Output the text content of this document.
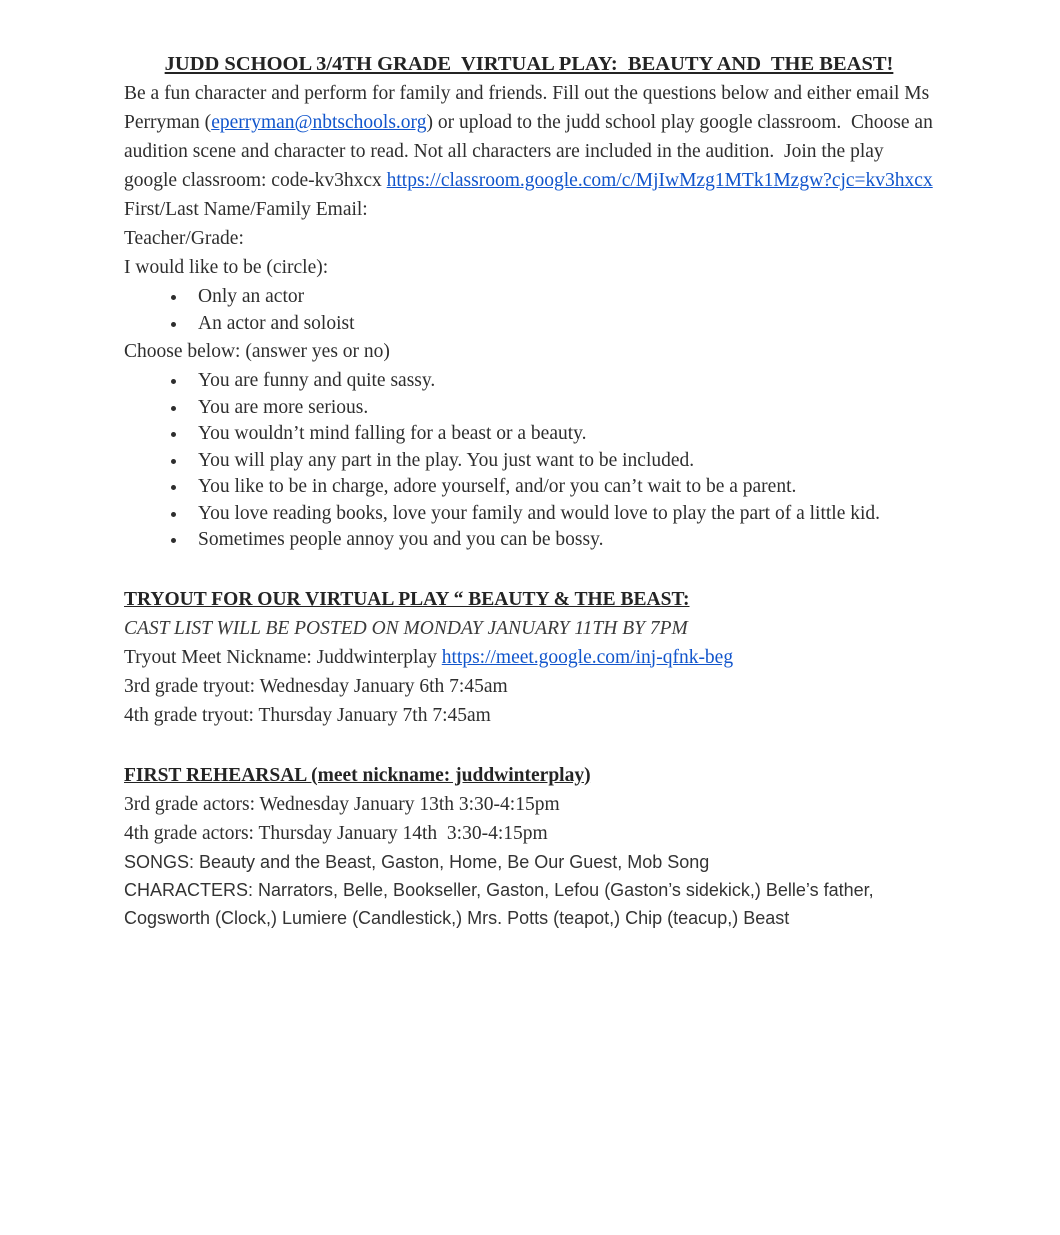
JUDD SCHOOL 3/4TH GRADE  VIRTUAL PLAY:  BEAUTY AND  THE BEAST!

Be a fun character and perform for family and friends. Fill out the questions below and either email Ms Perryman (eperryman@nbtschools.org) or upload to the judd school play google classroom.  Choose an audition scene and character to read. Not all characters are included in the audition.  Join the play google classroom: code-kv3hxcx https://classroom.google.com/c/MjIwMzg1MTk1Mzgw?cjc=kv3hxcx

First/Last Name/Family Email:

Teacher/Grade:

I would like to be (circle):

• Only an actor
• An actor and soloist

Choose below: (answer yes or no)

• You are funny and quite sassy.
• You are more serious.
• You wouldn’t mind falling for a beast or a beauty.
• You will play any part in the play. You just want to be included.
• You like to be in charge, adore yourself, and/or you can’t wait to be a parent.
• You love reading books, love your family and would love to play the part of a little kid.
• Sometimes people annoy you and you can be bossy.
TRYOUT FOR OUR VIRTUAL PLAY “ BEAUTY & THE BEAST:

CAST LIST WILL BE POSTED ON MONDAY JANUARY 11TH BY 7PM

Tryout Meet Nickname: Juddwinterplay https://meet.google.com/inj-qfnk-beg

3rd grade tryout: Wednesday January 6th 7:45am

4th grade tryout: Thursday January 7th 7:45am

FIRST REHEARSAL (meet nickname: juddwinterplay)

3rd grade actors: Wednesday January 13th 3:30-4:15pm

4th grade actors: Thursday January 14th  3:30-4:15pm

SONGS: Beauty and the Beast, Gaston, Home, Be Our Guest, Mob Song

CHARACTERS: Narrators, Belle, Bookseller, Gaston, Lefou (Gaston’s sidekick,) Belle’s father, Cogsworth (Clock,) Lumiere (Candlestick,) Mrs. Potts (teapot,) Chip (teacup,) Beast
